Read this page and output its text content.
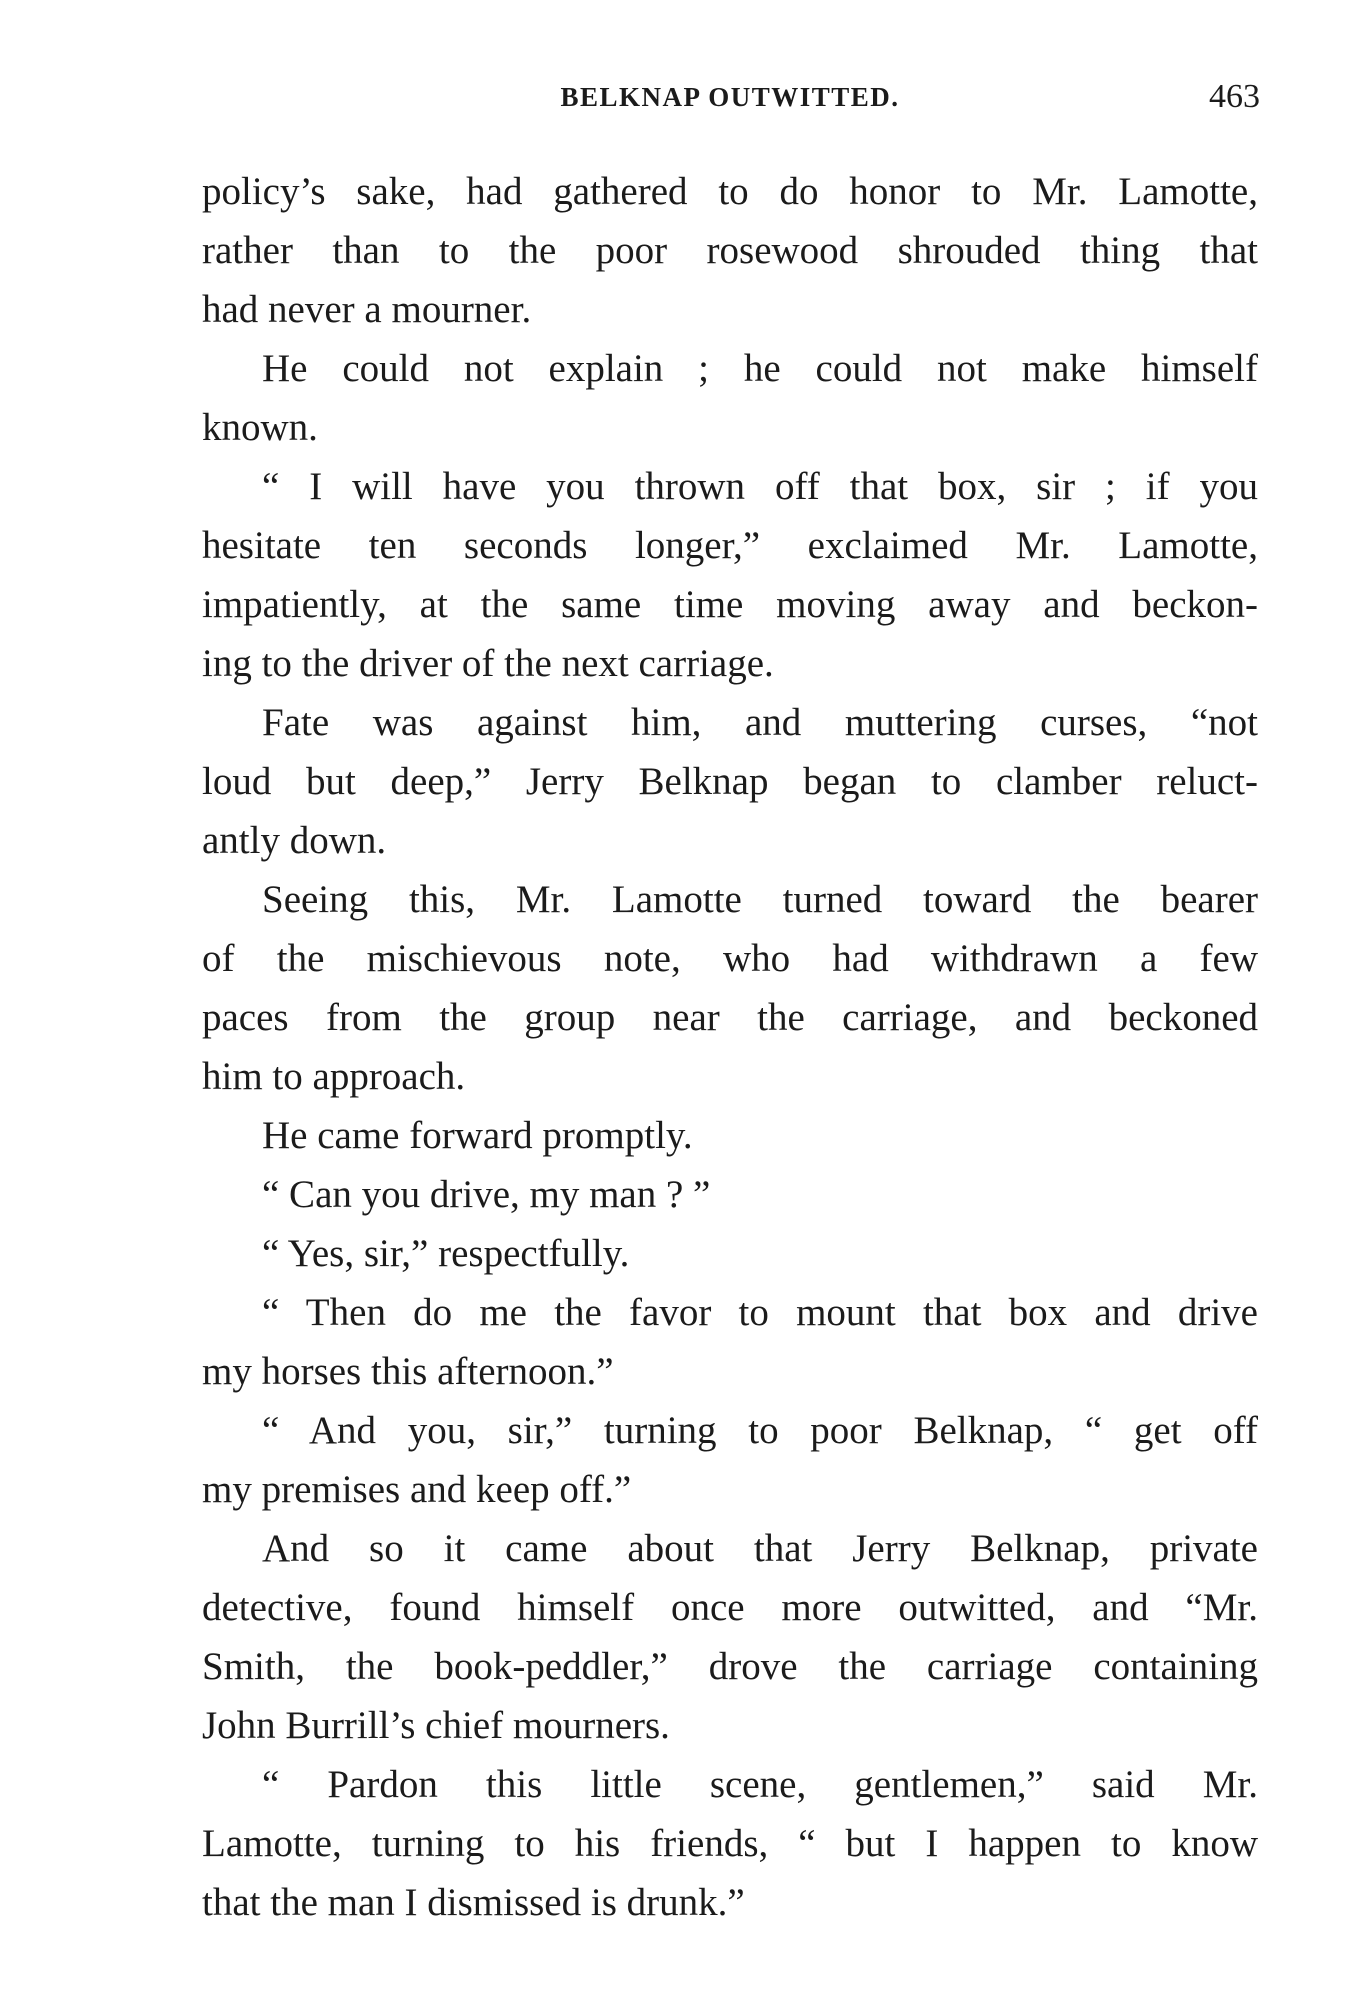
BELKNAP OUTWITTED.	463
policy’s sake, had gathered to do honor to Mr. Lamotte,
rather than to the poor rosewood shrouded thing that
had never a mourner.
He could not explain ; he could not make himself
known.
“ I will have you thrown off that box, sir ; if you
hesitate ten seconds longer,” exclaimed Mr. Lamotte,
impatiently, at the same time moving away and beckon-
ing to the driver of the next carriage.
Fate was against him, and muttering curses, “not
loud but deep,” Jerry Belknap began to clamber reluct-
antly down.
Seeing this, Mr. Lamotte turned toward the bearer
of the mischievous note, who had withdrawn a few
paces from the group near the carriage, and beckoned
him to approach.
He came forward promptly.
“ Can you drive, my man ? ”
“ Yes, sir,” respectfully.
“ Then do me the favor to mount that box and drive
my horses this afternoon.”
“ And you, sir,” turning to poor Belknap, “ get off
my premises and keep off.”
And so it came about that Jerry Belknap, private
detective, found himself once more outwitted, and “Mr.
Smith, the book-peddler,” drove the carriage containing
John Burrill’s chief mourners.
“ Pardon this little scene, gentlemen,” said Mr.
Lamotte, turning to his friends, “ but I happen to know
that the man I dismissed is drunk.”
